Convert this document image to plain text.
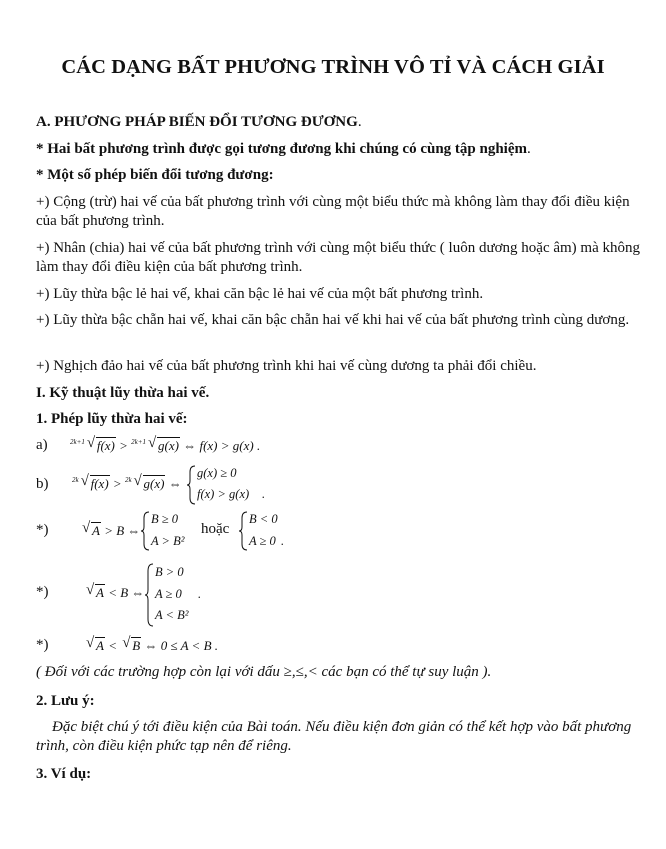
CÁC DẠNG BẤT PHƯƠNG TRÌNH VÔ TỈ VÀ CÁCH GIẢI
A. PHƯƠNG PHÁP BIẾN ĐỔI TƯƠNG ĐƯƠNG.
* Hai bất phương trình được gọi tương đương khi chúng có cùng tập nghiệm.
* Một số phép biến đổi tương đương:
+) Cộng (trừ) hai vế của bất phương trình với cùng một biểu thức mà không làm thay đổi điều kiện của bất phương trình.
+) Nhân (chia) hai vế của bất phương trình với cùng một biểu thức ( luôn dương hoặc âm) mà không làm thay đổi điều kiện của bất phương trình.
+) Lũy thừa bậc lẻ hai vế, khai căn bậc lẻ hai vế của một bất phương trình.
+) Lũy thừa bậc chẵn hai vế, khai căn bậc chẵn hai vế khi hai vế của bất phương trình cùng dương.
+) Nghịch đảo hai vế của bất phương trình khi hai vế cùng dương ta phải đổi chiều.
I. Kỹ thuật lũy thừa hai vế.
1. Phép lũy thừa hai vế:
a)	$^{2k+1}$ √ f(x) > $^{2k+1}$ √ g(x) ⇔ f(x) > g(x) .
b)	$^{2k}$ √ f(x) > $^{2k}$ √ g(x) ⇔
g(x) ≥ 0
f(x) > g(x) .
*)	√ A > B ⇔
B ≥ 0
A > B²
hoặc
B < 0
A ≥ 0 .
*)	√ A < B ⇔
B > 0
A ≥ 0
A < B²
.
*)	√ A < √ B ⇔ 0 ≤ A < B .
( Đối với các trường hợp còn lại với dấu ≥,≤,< các bạn có thể tự suy luận ).
2. Lưu ý:
Đặc biệt chú ý tới điều kiện của Bài toán. Nếu điều kiện đơn giản có thể kết hợp vào bất phương trình, còn điều kiện phức tạp nên để riêng.
3. Ví dụ:
